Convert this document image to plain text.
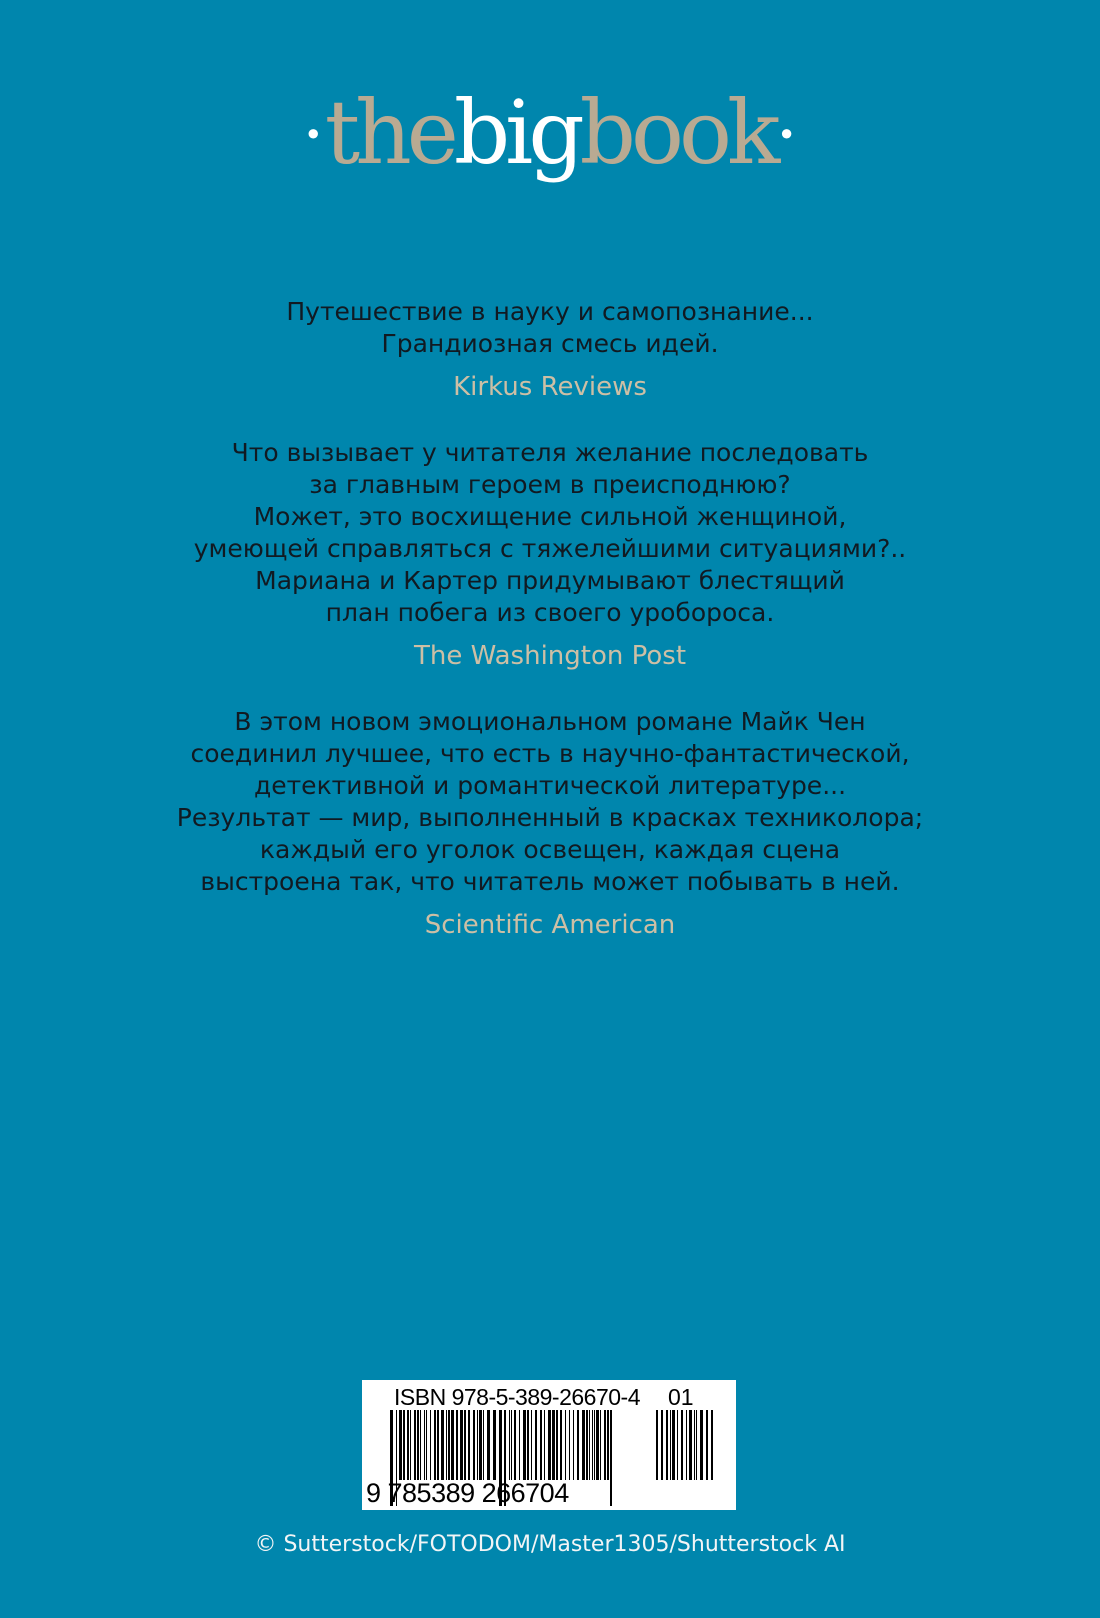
·thebigbook·
Путешествие в науку и самопознание...
Грандиозная смесь идей.
Kirkus Reviews
Что вызывает у читателя желание последовать
за главным героем в преисподнюю?
Может, это восхищение сильной женщиной,
умеющей справляться с тяжелейшими ситуациями?..
Мариана и Картер придумывают блестящий
план побега из своего уробороса.
The Washington Post
В этом новом эмоциональном романе Майк Чен
соединил лучшее, что есть в научно-фантастической,
детективной и романтической литературе...
Результат — мир, выполненный в красках техниколора;
каждый его уголок освещен, каждая сцена
выстроена так, что читатель может побывать в ней.
Scientific American
ISBN 978-5-389-26670-4 01
9 785389 266704
© Sutterstock/FOTODOM/Master1305/Shutterstock AI
